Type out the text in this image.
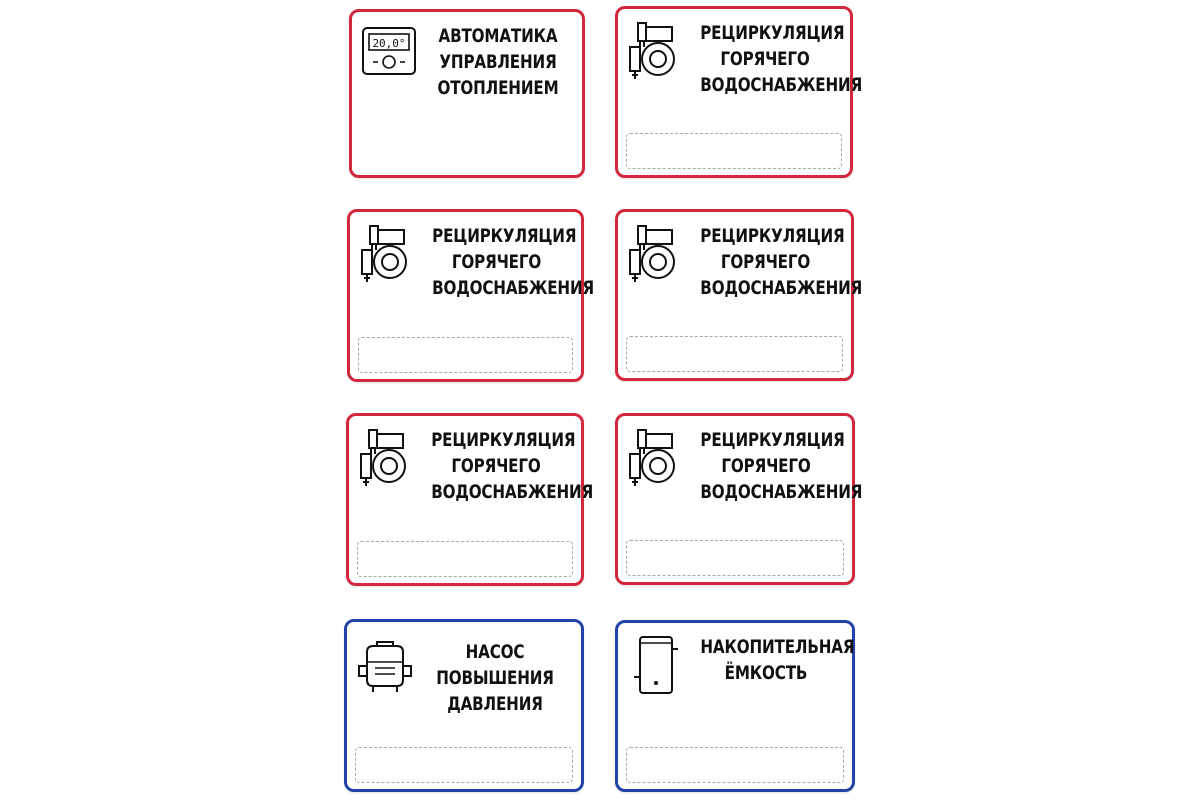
20,0° АВТОМАТИКА
УПРАВЛЕНИЯ
ОТОПЛЕНИЕМ
РЕЦИРКУЛЯЦИЯ
ГОРЯЧЕГО
ВОДОСНАБЖЕНИЯ
РЕЦИРКУЛЯЦИЯ
ГОРЯЧЕГО
ВОДОСНАБЖЕНИЯ
РЕЦИРКУЛЯЦИЯ
ГОРЯЧЕГО
ВОДОСНАБЖЕНИЯ
РЕЦИРКУЛЯЦИЯ
ГОРЯЧЕГО
ВОДОСНАБЖЕНИЯ
РЕЦИРКУЛЯЦИЯ
ГОРЯЧЕГО
ВОДОСНАБЖЕНИЯ
НАСОС
ПОВЫШЕНИЯ
ДАВЛЕНИЯ
НАКОПИТЕЛЬНАЯ
ЁМКОСТЬ
